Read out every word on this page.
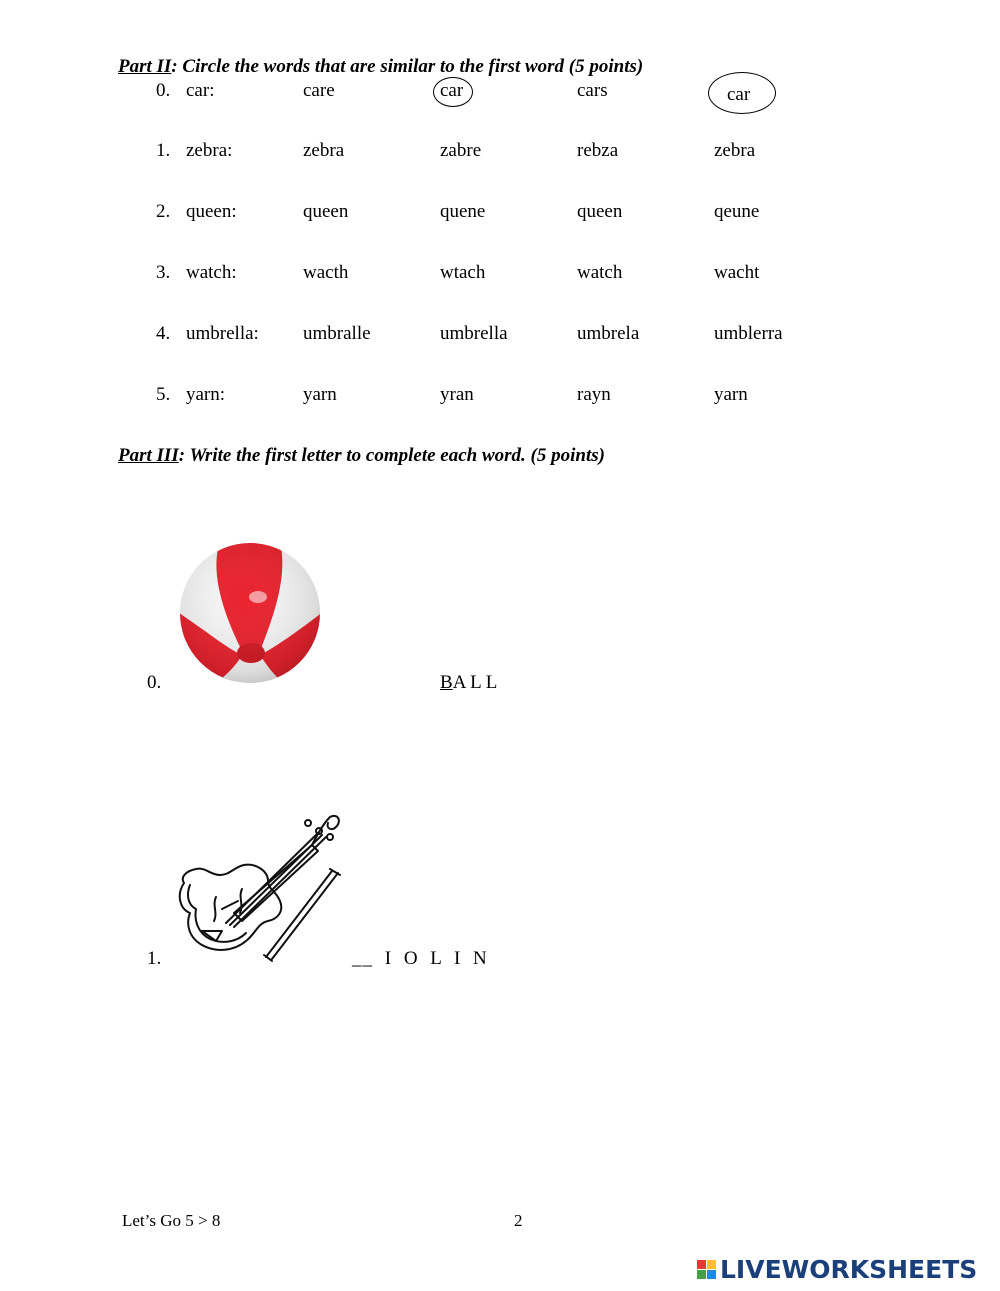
Part II: Circle the words that are similar to the first word (5 points)
0. car:	care	car	cars	car
1. zebra:	zebra	zabre	rebza	zebra
2. queen:	queen	quene	queen	qeune
3. watch:	wacth	wtach	watch	wacht
4. umbrella: umbralle	umbrella	umbrela	umblerra
5. yarn:	yarn	yran	rayn	yarn
Part III: Write the first letter to complete each word. (5 points)
0.	BA L L
1.	__ I O L I N
Let’s Go 5 > 8	2
LIVEWORKSHEETS
